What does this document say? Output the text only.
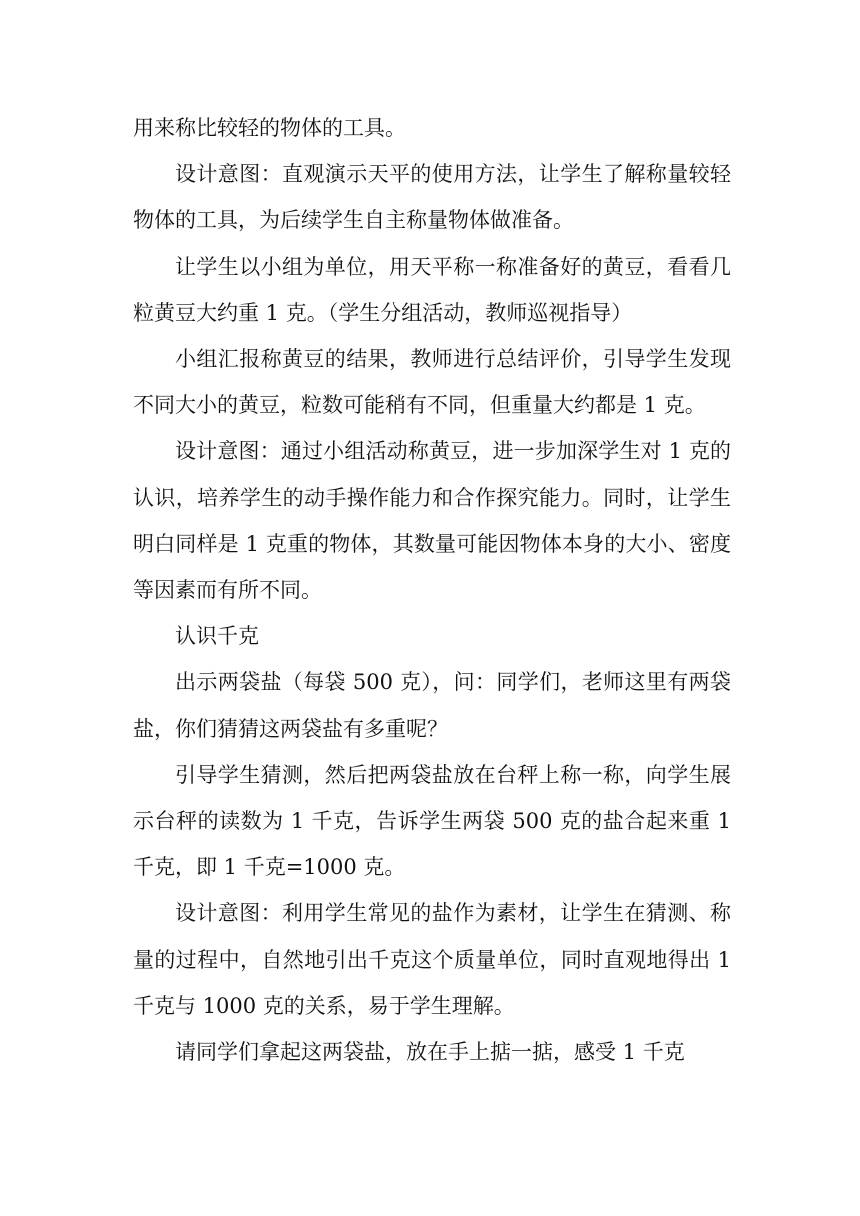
用来称比较轻的物体的工具。

设计意图：直观演示天平的使用方法，让学生了解称量较轻物体的工具，为后续学生自主称量物体做准备。

让学生以小组为单位，用天平称一称准备好的黄豆，看看几粒黄豆大约重 1 克。（学生分组活动，教师巡视指导）

小组汇报称黄豆的结果，教师进行总结评价，引导学生发现不同大小的黄豆，粒数可能稍有不同，但重量大约都是 1 克。

设计意图：通过小组活动称黄豆，进一步加深学生对 1 克的认识，培养学生的动手操作能力和合作探究能力。同时，让学生明白同样是 1 克重的物体，其数量可能因物体本身的大小、密度等因素而有所不同。

认识千克

出示两袋盐（每袋 500 克），问：同学们，老师这里有两袋盐，你们猜猜这两袋盐有多重呢？

引导学生猜测，然后把两袋盐放在台秤上称一称，向学生展示台秤的读数为 1 千克，告诉学生两袋 500 克的盐合起来重 1 千克，即 1 千克=1000 克。

设计意图：利用学生常见的盐作为素材，让学生在猜测、称量的过程中，自然地引出千克这个质量单位，同时直观地得出 1 千克与 1000 克的关系，易于学生理解。

请同学们拿起这两袋盐，放在手上掂一掂，感受 1 千克
